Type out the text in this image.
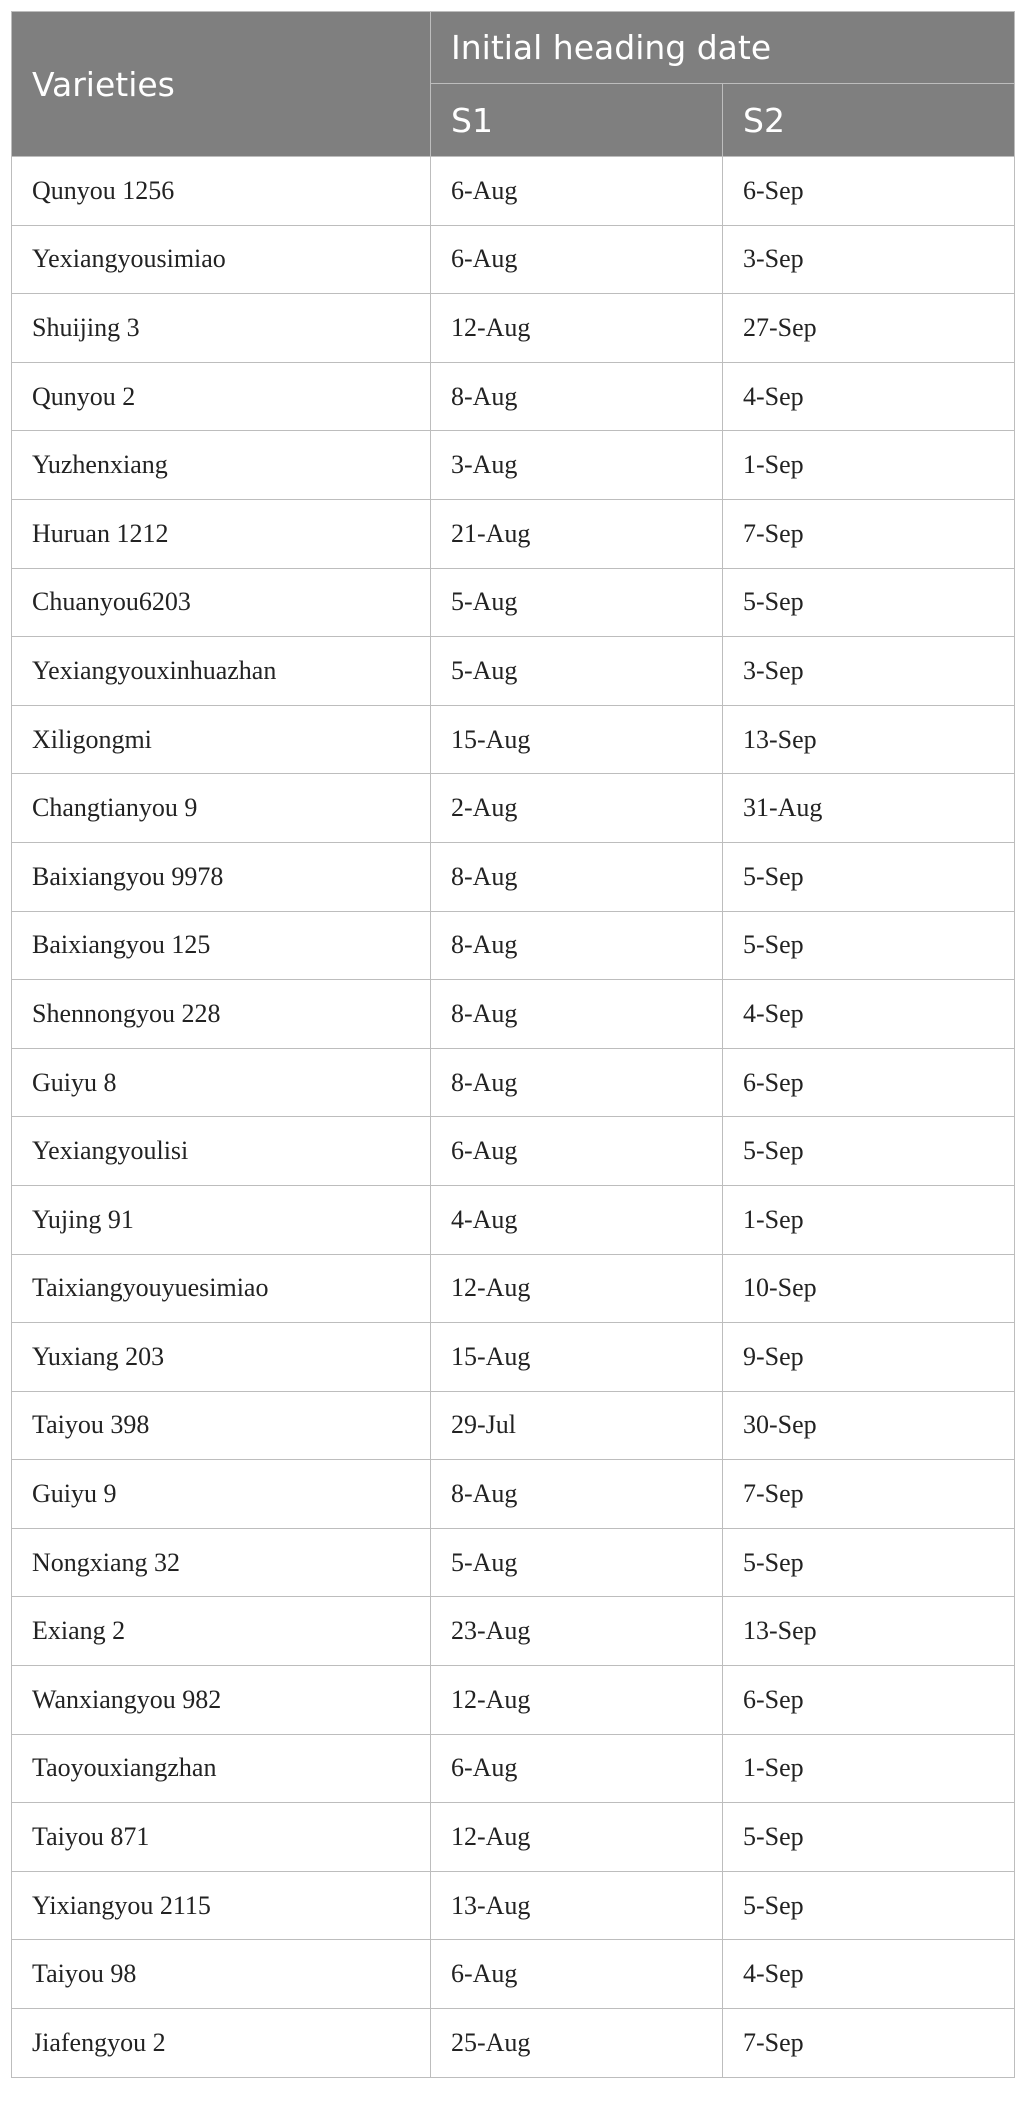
Varieties	Initial heading date	
	S1	S2
Qunyou 1256	6-Aug	6-Sep
Yexiangyousimiao	6-Aug	3-Sep
Shuijing 3	12-Aug	27-Sep
Qunyou 2	8-Aug	4-Sep
Yuzhenxiang	3-Aug	1-Sep
Huruan 1212	21-Aug	7-Sep
Chuanyou6203	5-Aug	5-Sep
Yexiangyouxinhuazhan	5-Aug	3-Sep
Xiligongmi	15-Aug	13-Sep
Changtianyou 9	2-Aug	31-Aug
Baixiangyou 9978	8-Aug	5-Sep
Baixiangyou 125	8-Aug	5-Sep
Shennongyou 228	8-Aug	4-Sep
Guiyu 8	8-Aug	6-Sep
Yexiangyoulisi	6-Aug	5-Sep
Yujing 91	4-Aug	1-Sep
Taixiangyouyuesimiao	12-Aug	10-Sep
Yuxiang 203	15-Aug	9-Sep
Taiyou 398	29-Jul	30-Sep
Guiyu 9	8-Aug	7-Sep
Nongxiang 32	5-Aug	5-Sep
Exiang 2	23-Aug	13-Sep
Wanxiangyou 982	12-Aug	6-Sep
Taoyouxiangzhan	6-Aug	1-Sep
Taiyou 871	12-Aug	5-Sep
Yixiangyou 2115	13-Aug	5-Sep
Taiyou 98	6-Aug	4-Sep
Jiafengyou 2	25-Aug	7-Sep
